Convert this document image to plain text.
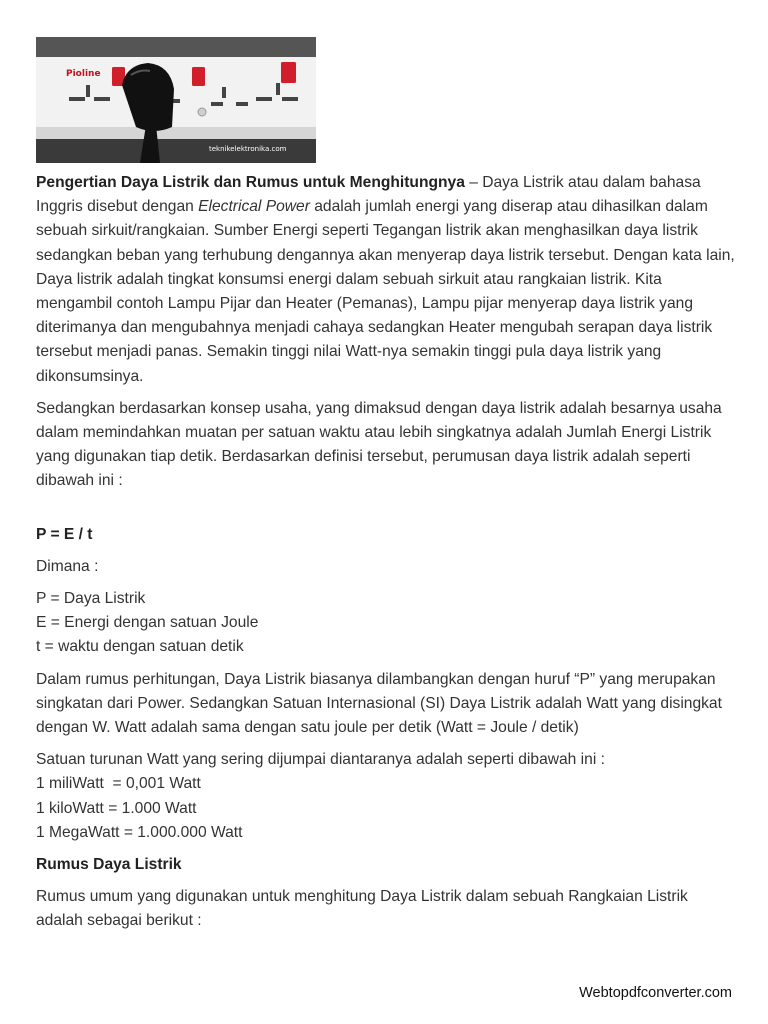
Pioline
teknikelektronika.com

Pengertian Daya Listrik dan Rumus untuk Menghitungnya – Daya Listrik atau dalam bahasa Inggris disebut dengan Electrical Power adalah jumlah energi yang diserap atau dihasilkan dalam sebuah sirkuit/rangkaian. Sumber Energi seperti Tegangan listrik akan menghasilkan daya listrik sedangkan beban yang terhubung dengannya akan menyerap daya listrik tersebut. Dengan kata lain, Daya listrik adalah tingkat konsumsi energi dalam sebuah sirkuit atau rangkaian listrik. Kita mengambil contoh Lampu Pijar dan Heater (Pemanas), Lampu pijar menyerap daya listrik yang diterimanya dan mengubahnya menjadi cahaya sedangkan Heater mengubah serapan daya listrik tersebut menjadi panas. Semakin tinggi nilai Watt-nya semakin tinggi pula daya listrik yang dikonsumsinya.

Sedangkan berdasarkan konsep usaha, yang dimaksud dengan daya listrik adalah besarnya usaha dalam memindahkan muatan per satuan waktu atau lebih singkatnya adalah Jumlah Energi Listrik yang digunakan tiap detik. Berdasarkan definisi tersebut, perumusan daya listrik adalah seperti dibawah ini :

P = E / t

Dimana :

P = Daya Listrik
E = Energi dengan satuan Joule
t = waktu dengan satuan detik

Dalam rumus perhitungan, Daya Listrik biasanya dilambangkan dengan huruf “P” yang merupakan singkatan dari Power. Sedangkan Satuan Internasional (SI) Daya Listrik adalah Watt yang disingkat dengan W. Watt adalah sama dengan satu joule per detik (Watt = Joule / detik)

Satuan turunan Watt yang sering dijumpai diantaranya adalah seperti dibawah ini :
1 miliWatt  = 0,001 Watt
1 kiloWatt = 1.000 Watt
1 MegaWatt = 1.000.000 Watt

Rumus Daya Listrik

Rumus umum yang digunakan untuk menghitung Daya Listrik dalam sebuah Rangkaian Listrik adalah sebagai berikut :

Webtopdfconverter.com
